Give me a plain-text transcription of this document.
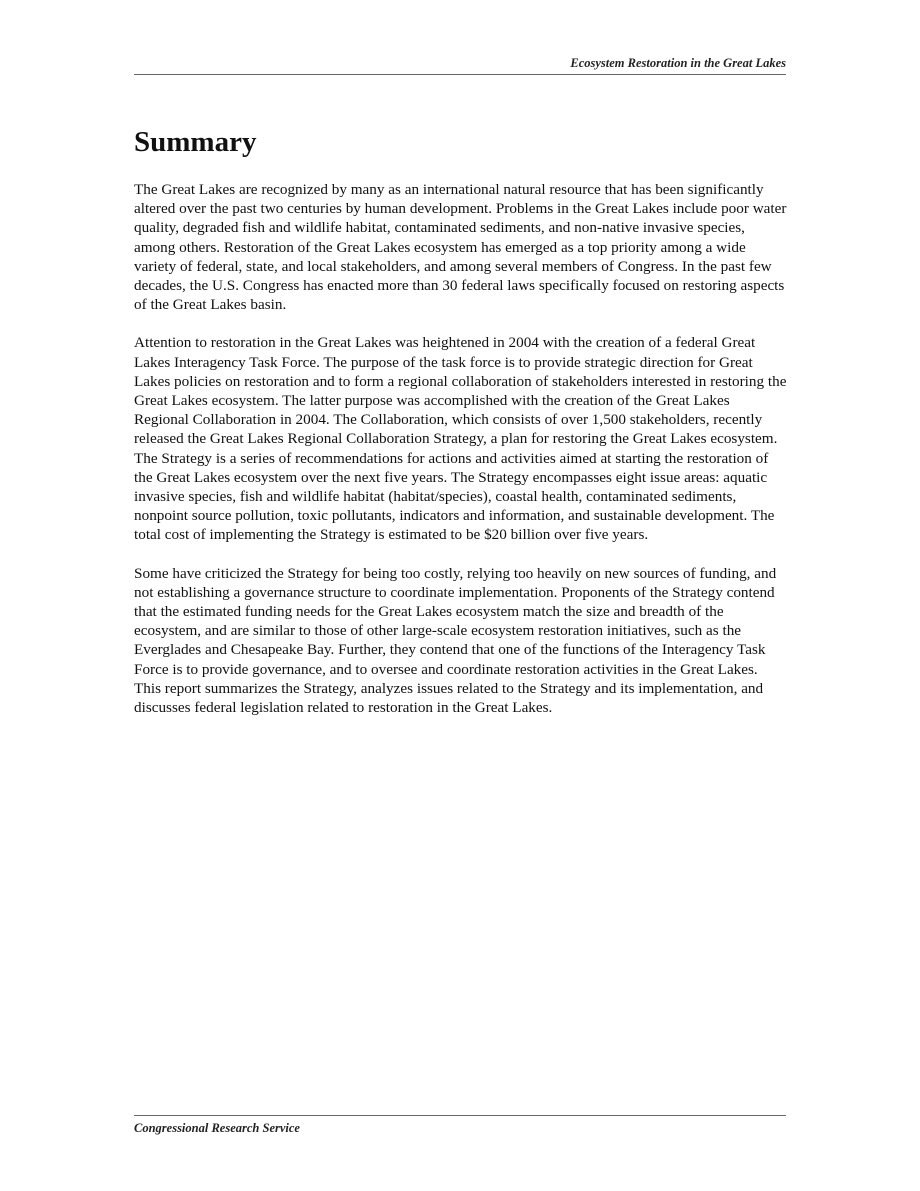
Ecosystem Restoration in the Great Lakes
Summary

The Great Lakes are recognized by many as an international natural resource that has been significantly altered over the past two centuries by human development. Problems in the Great Lakes include poor water quality, degraded fish and wildlife habitat, contaminated sediments, and non-native invasive species, among others. Restoration of the Great Lakes ecosystem has emerged as a top priority among a wide variety of federal, state, and local stakeholders, and among several members of Congress. In the past few decades, the U.S. Congress has enacted more than 30 federal laws specifically focused on restoring aspects of the Great Lakes basin.

Attention to restoration in the Great Lakes was heightened in 2004 with the creation of a federal Great Lakes Interagency Task Force. The purpose of the task force is to provide strategic direction for Great Lakes policies on restoration and to form a regional collaboration of stakeholders interested in restoring the Great Lakes ecosystem. The latter purpose was accomplished with the creation of the Great Lakes Regional Collaboration in 2004. The Collaboration, which consists of over 1,500 stakeholders, recently released the Great Lakes Regional Collaboration Strategy, a plan for restoring the Great Lakes ecosystem. The Strategy is a series of recommendations for actions and activities aimed at starting the restoration of the Great Lakes ecosystem over the next five years. The Strategy encompasses eight issue areas: aquatic invasive species, fish and wildlife habitat (habitat/species), coastal health, contaminated sediments, nonpoint source pollution, toxic pollutants, indicators and information, and sustainable development. The total cost of implementing the Strategy is estimated to be $20 billion over five years.

Some have criticized the Strategy for being too costly, relying too heavily on new sources of funding, and not establishing a governance structure to coordinate implementation. Proponents of the Strategy contend that the estimated funding needs for the Great Lakes ecosystem match the size and breadth of the ecosystem, and are similar to those of other large-scale ecosystem restoration initiatives, such as the Everglades and Chesapeake Bay. Further, they contend that one of the functions of the Interagency Task Force is to provide governance, and to oversee and coordinate restoration activities in the Great Lakes. This report summarizes the Strategy, analyzes issues related to the Strategy and its implementation, and discusses federal legislation related to restoration in the Great Lakes.

Congressional Research Service
